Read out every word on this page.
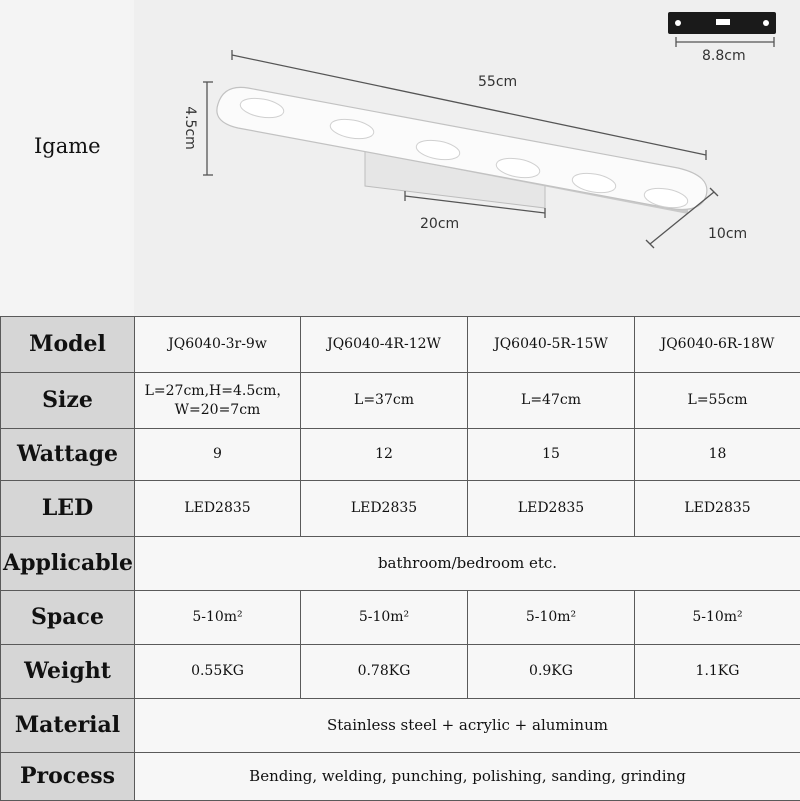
Igame
55cm
4.5cm
20cm
10cm
8.8cm
Model	JQ6040-3r-9w	JQ6040-4R-12W	JQ6040-5R-15W	JQ6040-6R-18W
Size	L=27cm,H=4.5cm，W=20=7cm	L=37cm	L=47cm	L=55cm
Wattage	9	12	15	18
LED	LED2835	LED2835	LED2835	LED2835
Applicable	bathroom/bedroom etc.			
Space	5-10m²	5-10m²	5-10m²	5-10m²
Weight	0.55KG	0.78KG	0.9KG	1.1KG
Material	Stainless steel + acrylic + aluminum			
Process	Bending, welding, punching, polishing, sanding, grinding			
